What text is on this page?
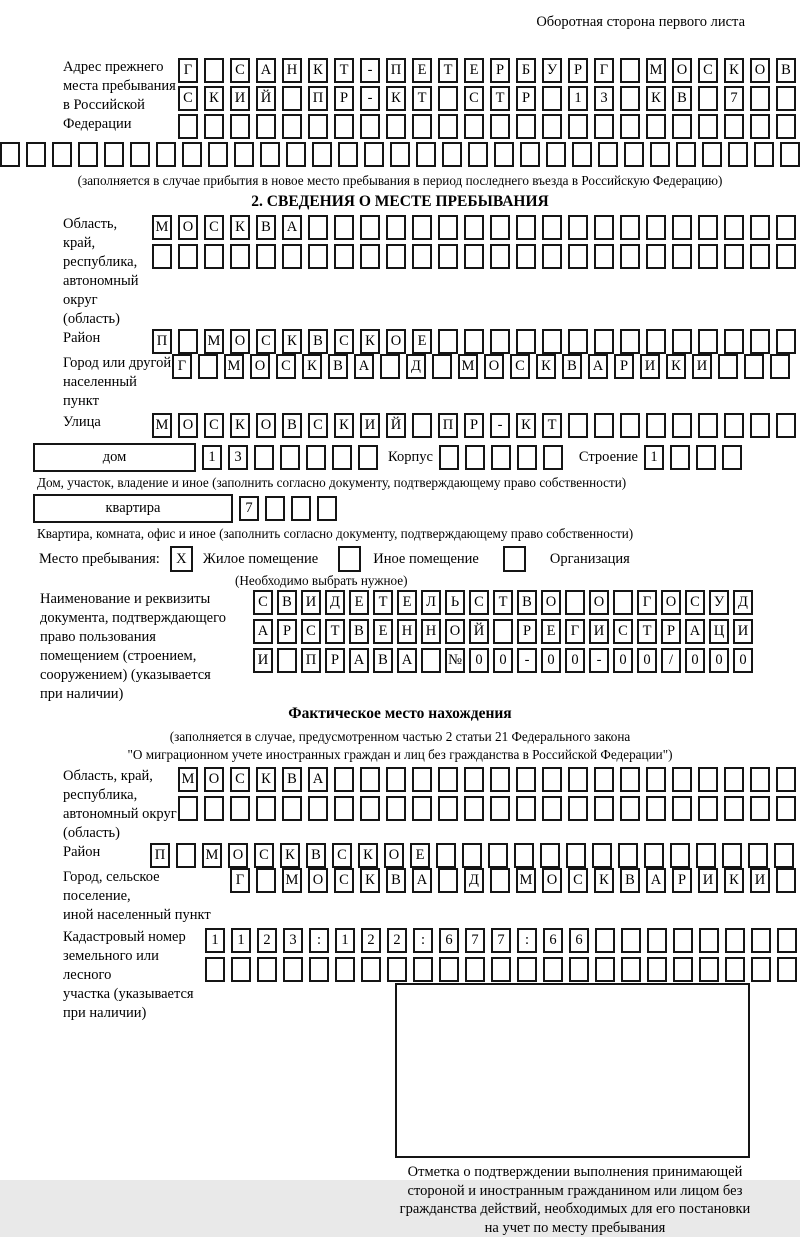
Оборотная сторона первого листа
Адрес прежнего
места пребывания
в Российской
Федерации
Г	С	А	Н	К	Т	-	П	Е	Т	Е	Р	Б	У	Р	Г	М О	С	К	О	В
С	К	И	Й	П	Р	-	К	Т	С	Т	Р	1	3	К	В	7
(заполняется в случае прибытия в новое место пребывания в период последнего въезда в Российскую Федерацию)
2. СВЕДЕНИЯ О МЕСТЕ ПРЕБЫВАНИЯ
Область, край,
республика,
автономный
округ (область)
М О	С	К	В	А
Район	П	М О	С	К	В	С	К	О	Е
Город или другой
населенный пункт
Г	М О	С	К	В	А	Д	М О	С	К	В	А	Р	И	К	И
Улица	М О	С	К	О	В	С	К	И	Й	П	Р	-	К	Т
дом	1	3	Корпус	Строение 1
Дом, участок, владение и иное (заполнить согласно документу, подтверждающему право собственности)
квартира	7
Квартира, комната, офис и иное (заполнить согласно документу, подтверждающему право собственности)
Место пребывания:	X	Жилое помещение	Иное помещение	Организация
(Необходимо выбрать нужное)
Наименование и реквизиты
документа, подтверждающего
право пользования
помещением (строением,
сооружением) (указывается
при наличии)
С В И Д	Е	Т	Е	Л	Ь	С	Т	В О	О	Г	О С У Д
А	Р	С	Т	В	Е Н Н О Й	Р	Е	Г	И С	Т	Р	А Ц И
И	П	Р	А В А	№ 0	0	-	0	0	-	0	0	/	0	0	0
Фактическое место нахождения
(заполняется в случае, предусмотренном частью 2 статьи 21 Федерального закона
"О миграционном учете иностранных граждан и лиц без гражданства в Российской Федерации")
Область, край,
республика,
автономный округ
(область)
М О	С	К	В	А
Район	П	М О	С	К	В	С	К	О	Е
Город, сельское поселение,
иной населенный пункт
Г	М О	С	К	В	А	Д	М О	С	К	В	А	Р	И	К	И
Кадастровый номер
земельного или лесного
участка (указывается
при наличии)
1	1	2	3	:	1	2	2	:	6	7	7	:	6	6
Отметка о подтверждении выполнения принимающей
стороной и иностранным гражданином или лицом без
гражданства действий, необходимых для его постановки
на учет по месту пребывания
